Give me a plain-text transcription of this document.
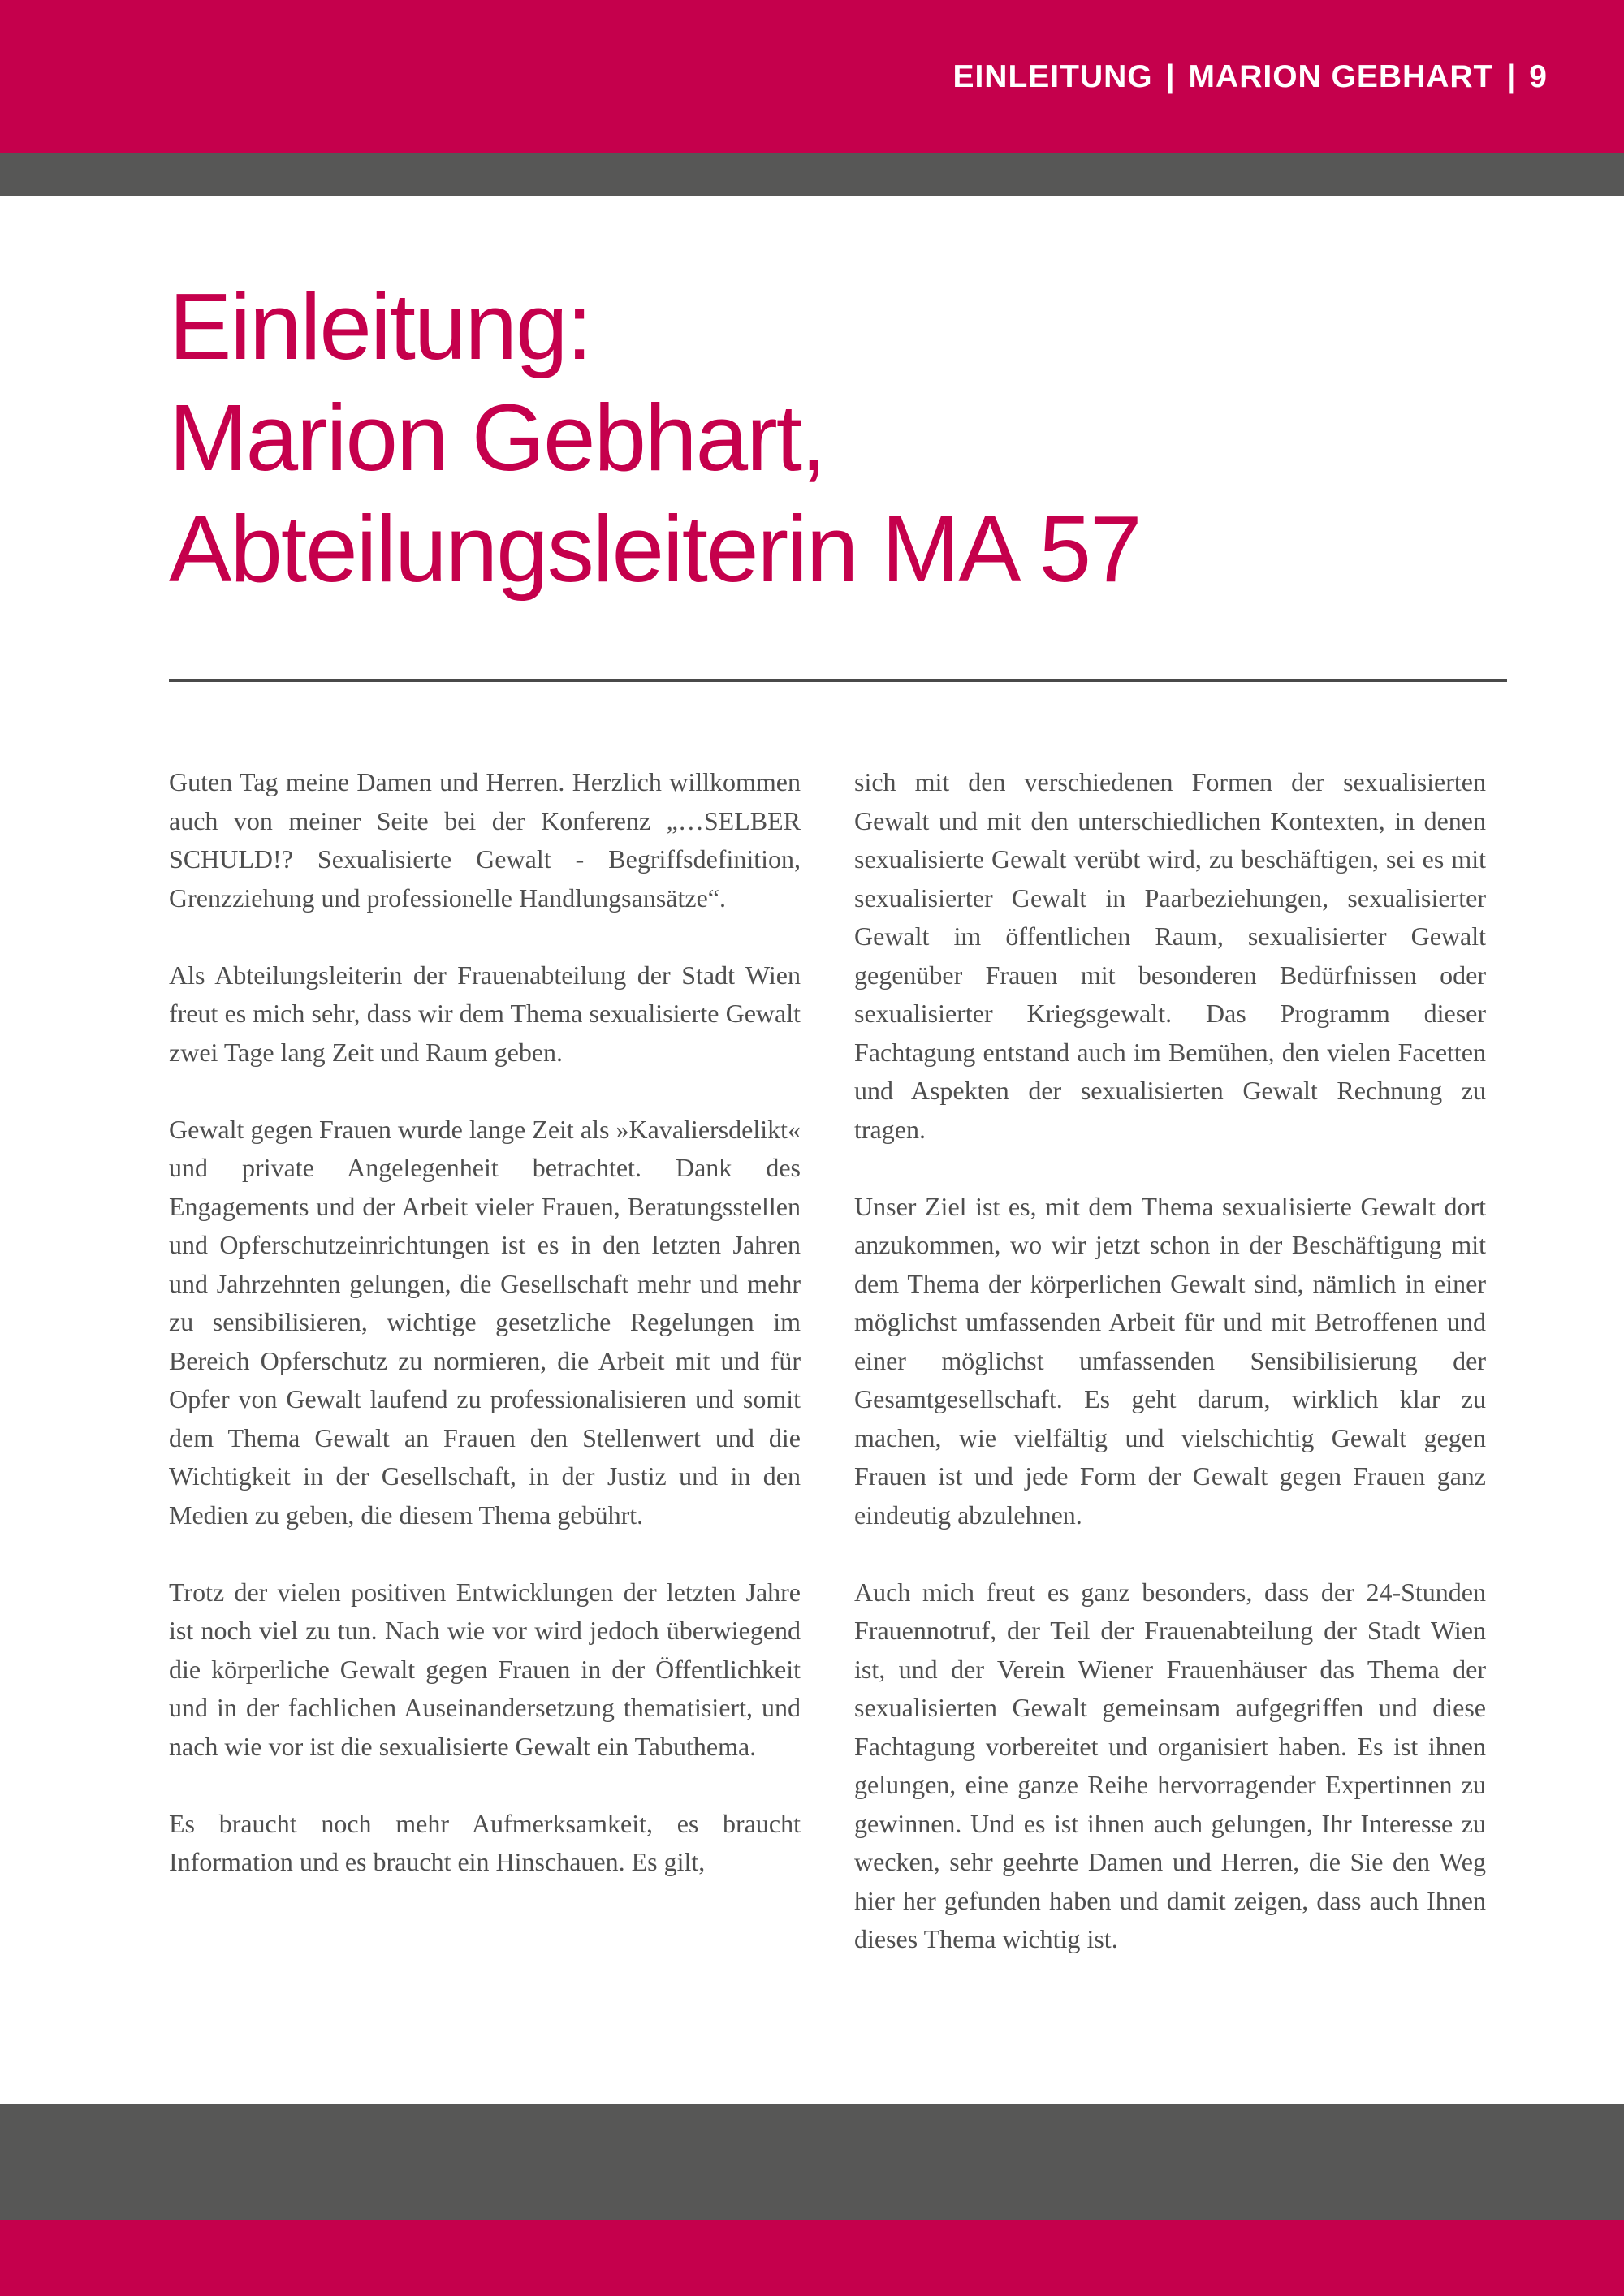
EINLEITUNG | MARION GEBHART | 9
Einleitung:
Marion Gebhart,
Abteilungsleiterin MA 57

Guten Tag meine Damen und Herren. Herzlich willkommen auch von meiner Seite bei der Konferenz „…SELBER SCHULD!? Sexualisierte Gewalt - Begriffsdefinition, Grenzziehung und professionelle Handlungsansätze“.

Als Abteilungsleiterin der Frauenabteilung der Stadt Wien freut es mich sehr, dass wir dem Thema sexualisierte Gewalt zwei Tage lang Zeit und Raum geben.

Gewalt gegen Frauen wurde lange Zeit als »Kavaliersdelikt« und private Angelegenheit betrachtet. Dank des Engagements und der Arbeit vieler Frauen, Beratungsstellen und Opferschutzeinrichtungen ist es in den letzten Jahren und Jahrzehnten gelungen, die Gesellschaft mehr und mehr zu sensibilisieren, wichtige gesetzliche Regelungen im Bereich Opferschutz zu normieren, die Arbeit mit und für Opfer von Gewalt laufend zu professionalisieren und somit dem Thema Gewalt an Frauen den Stellenwert und die Wichtigkeit in der Gesellschaft, in der Justiz und in den Medien zu geben, die diesem Thema gebührt.

Trotz der vielen positiven Entwicklungen der letzten Jahre ist noch viel zu tun. Nach wie vor wird jedoch überwiegend die körperliche Gewalt gegen Frauen in der Öffentlichkeit und in der fachlichen Auseinandersetzung thematisiert, und nach wie vor ist die sexualisierte Gewalt ein Tabuthema.

Es braucht noch mehr Aufmerksamkeit, es braucht Information und es braucht ein Hinschauen. Es gilt,

sich mit den verschiedenen Formen der sexualisierten Gewalt und mit den unterschiedlichen Kontexten, in denen sexualisierte Gewalt verübt wird, zu beschäftigen, sei es mit sexualisierter Gewalt in Paarbeziehungen, sexualisierter Gewalt im öffentlichen Raum, sexualisierter Gewalt gegenüber Frauen mit besonderen Bedürfnissen oder sexualisierter Kriegsgewalt. Das Programm dieser Fachtagung entstand auch im Bemühen, den vielen Facetten und Aspekten der sexualisierten Gewalt Rechnung zu tragen.

Unser Ziel ist es, mit dem Thema sexualisierte Gewalt dort anzukommen, wo wir jetzt schon in der Beschäftigung mit dem Thema der körperlichen Gewalt sind, nämlich in einer möglichst umfassenden Arbeit für und mit Betroffenen und einer möglichst umfassenden Sensibilisierung der Gesamtgesellschaft. Es geht darum, wirklich klar zu machen, wie vielfältig und vielschichtig Gewalt gegen Frauen ist und jede Form der Gewalt gegen Frauen ganz eindeutig abzulehnen.

Auch mich freut es ganz besonders, dass der 24-Stunden Frauennotruf, der Teil der Frauenabteilung der Stadt Wien ist, und der Verein Wiener Frauenhäuser das Thema der sexualisierten Gewalt gemeinsam aufgegriffen und diese Fachtagung vorbereitet und organisiert haben. Es ist ihnen gelungen, eine ganze Reihe hervorragender Expertinnen zu gewinnen. Und es ist ihnen auch gelungen, Ihr Interesse zu wecken, sehr geehrte Damen und Herren, die Sie den Weg hier her gefunden haben und damit zeigen, dass auch Ihnen dieses Thema wichtig ist.
